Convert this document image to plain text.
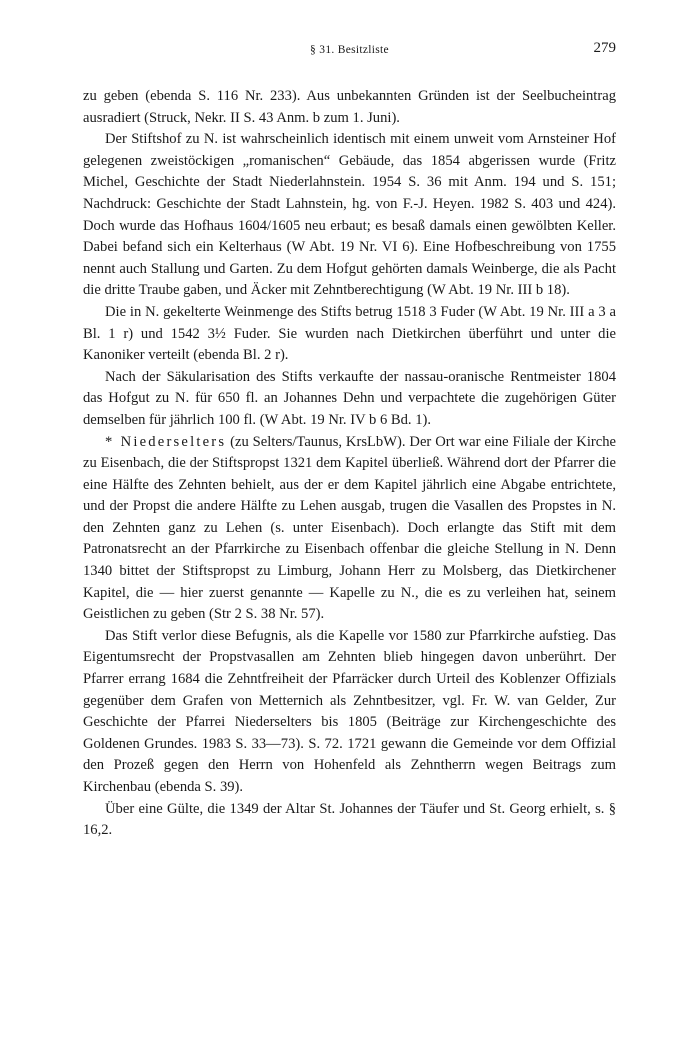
§ 31. Besitzliste	279

zu geben (ebenda S. 116 Nr. 233). Aus unbekannten Gründen ist der Seelbucheintrag ausradiert (Struck, Nekr. II S. 43 Anm. b zum 1. Juni).

Der Stiftshof zu N. ist wahrscheinlich identisch mit einem unweit vom Arnsteiner Hof gelegenen zweistöckigen „romanischen“ Gebäude, das 1854 abgerissen wurde (Fritz Michel, Geschichte der Stadt Niederlahnstein. 1954 S. 36 mit Anm. 194 und S. 151; Nachdruck: Geschichte der Stadt Lahnstein, hg. von F.-J. Heyen. 1982 S. 403 und 424). Doch wurde das Hofhaus 1604/1605 neu erbaut; es besaß damals einen gewölbten Keller. Dabei befand sich ein Kelterhaus (W Abt. 19 Nr. VI 6). Eine Hofbeschreibung von 1755 nennt auch Stallung und Garten. Zu dem Hofgut gehörten damals Weinberge, die als Pacht die dritte Traube gaben, und Äcker mit Zehntberechtigung (W Abt. 19 Nr. III b 18).

Die in N. gekelterte Weinmenge des Stifts betrug 1518 3 Fuder (W Abt. 19 Nr. III a 3 a Bl. 1 r) und 1542 3½ Fuder. Sie wurden nach Dietkirchen überführt und unter die Kanoniker verteilt (ebenda Bl. 2 r).

Nach der Säkularisation des Stifts verkaufte der nassau-oranische Rentmeister 1804 das Hofgut zu N. für 650 fl. an Johannes Dehn und verpachtete die zugehörigen Güter demselben für jährlich 100 fl. (W Abt. 19 Nr. IV b 6 Bd. 1).

* Niederselters (zu Selters/Taunus, KrsLbW). Der Ort war eine Filiale der Kirche zu Eisenbach, die der Stiftspropst 1321 dem Kapitel überließ. Während dort der Pfarrer die eine Hälfte des Zehnten behielt, aus der er dem Kapitel jährlich eine Abgabe entrichtete, und der Propst die andere Hälfte zu Lehen ausgab, trugen die Vasallen des Propstes in N. den Zehnten ganz zu Lehen (s. unter Eisenbach). Doch erlangte das Stift mit dem Patronatsrecht an der Pfarrkirche zu Eisenbach offenbar die gleiche Stellung in N. Denn 1340 bittet der Stiftspropst zu Limburg, Johann Herr zu Molsberg, das Dietkirchener Kapitel, die — hier zuerst genannte — Kapelle zu N., die es zu verleihen hat, seinem Geistlichen zu geben (Str 2 S. 38 Nr. 57).

Das Stift verlor diese Befugnis, als die Kapelle vor 1580 zur Pfarrkirche aufstieg. Das Eigentumsrecht der Propstvasallen am Zehnten blieb hingegen davon unberührt. Der Pfarrer errang 1684 die Zehntfreiheit der Pfarräcker durch Urteil des Koblenzer Offizials gegenüber dem Grafen von Metternich als Zehntbesitzer, vgl. Fr. W. van Gelder, Zur Geschichte der Pfarrei Niederselters bis 1805 (Beiträge zur Kirchengeschichte des Goldenen Grundes. 1983 S. 33—73). S. 72. 1721 gewann die Gemeinde vor dem Offizial den Prozeß gegen den Herrn von Hohenfeld als Zehntherrn wegen Beitrags zum Kirchenbau (ebenda S. 39).

Über eine Gülte, die 1349 der Altar St. Johannes der Täufer und St. Georg erhielt, s. § 16,2.
